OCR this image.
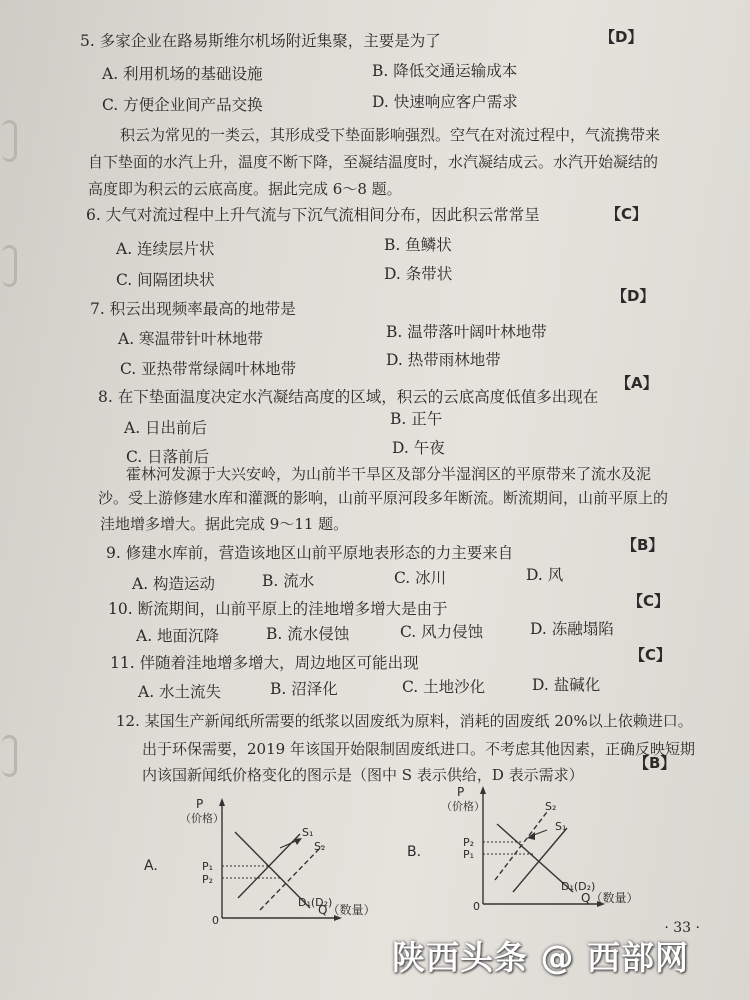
5. 多家企业在路易斯维尔机场附近集聚，主要是为了	【D】
A. 利用机场的基础设施	B. 降低交通运输成本
C. 方便企业间产品交换	D. 快速响应客户需求
积云为常见的一类云，其形成受下垫面影响强烈。空气在对流过程中，气流携带来
自下垫面的水汽上升，温度不断下降，至凝结温度时，水汽凝结成云。水汽开始凝结的
高度即为积云的云底高度。据此完成 6～8 题。
6. 大气对流过程中上升气流与下沉气流相间分布，因此积云常常呈	【C】
A. 连续层片状	B. 鱼鳞状
C. 间隔团块状	D. 条带状
7. 积云出现频率最高的地带是
【D】
A. 寒温带针叶林地带	B. 温带落叶阔叶林地带
C. 亚热带常绿阔叶林地带	D. 热带雨林地带
8. 在下垫面温度决定水汽凝结高度的区域，积云的云底高度低值多出现在
【A】
A. 日出前后	B. 正午
C. 日落前后	D. 午夜
霍林河发源于大兴安岭，为山前半干旱区及部分半湿润区的平原带来了流水及泥
沙。受上游修建水库和灌溉的影响，山前平原河段多年断流。断流期间，山前平原上的
洼地增多增大。据此完成 9～11 题。
9. 修建水库前，营造该地区山前平原地表形态的力主要来自	【B】
A. 构造运动	B. 流水	C. 冰川	D. 风
10. 断流期间，山前平原上的洼地增多增大是由于	【C】
A. 地面沉降	B. 流水侵蚀	C. 风力侵蚀	D. 冻融塌陷
11. 伴随着洼地增多增大，周边地区可能出现	【C】
A. 水土流失	B. 沼泽化	C. 土地沙化	D. 盐碱化
12. 某国生产新闻纸所需要的纸浆以固废纸为原料，消耗的固废纸 20%以上依赖进口。
出于环保需要，2019 年该国开始限制固废纸进口。不考虑其他因素，正确反映短期
内该国新闻纸价格变化的图示是（图中 S 表示供给，D 表示需求）
【B】
A.
P
（价格）
0
Q（数量）
P₁
P₂
S₁
S₂
D₁(D₂)
B.
P
（价格）
0
Q（数量）
P₂
P₁
S₂
S₁
D₁(D₂)
· 33 ·
陕西头条 @ 西部网
